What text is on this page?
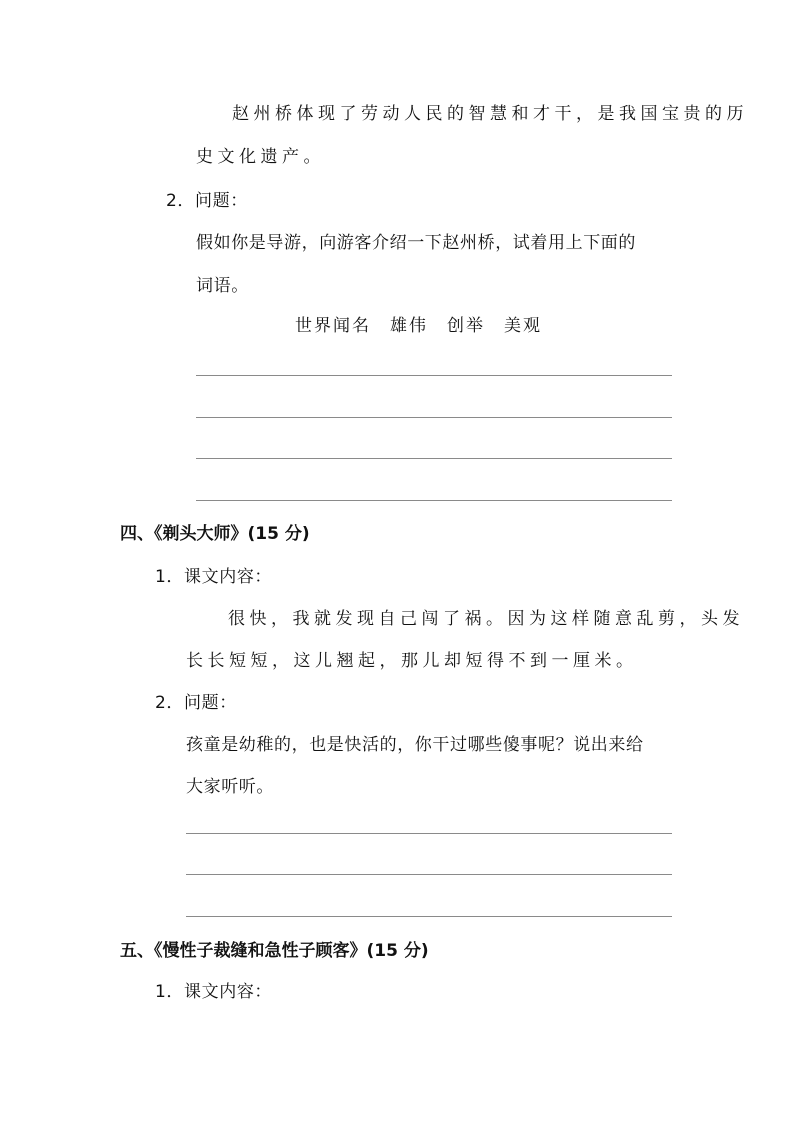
赵州桥体现了劳动人民的智慧和才干，是我国宝贵的历
史文化遗产。
2．问题：
假如你是导游，向游客介绍一下赵州桥，试着用上下面的
词语。
世界闻名　雄伟　创举　美观
四、《剃头大师》(15 分)
1．课文内容：
很快，我就发现自己闯了祸。因为这样随意乱剪，头发
长长短短，这儿翘起，那儿却短得不到一厘米。
2．问题：
孩童是幼稚的，也是快活的，你干过哪些傻事呢？说出来给
大家听听。
五、《慢性子裁缝和急性子顾客》(15 分)
1．课文内容：
